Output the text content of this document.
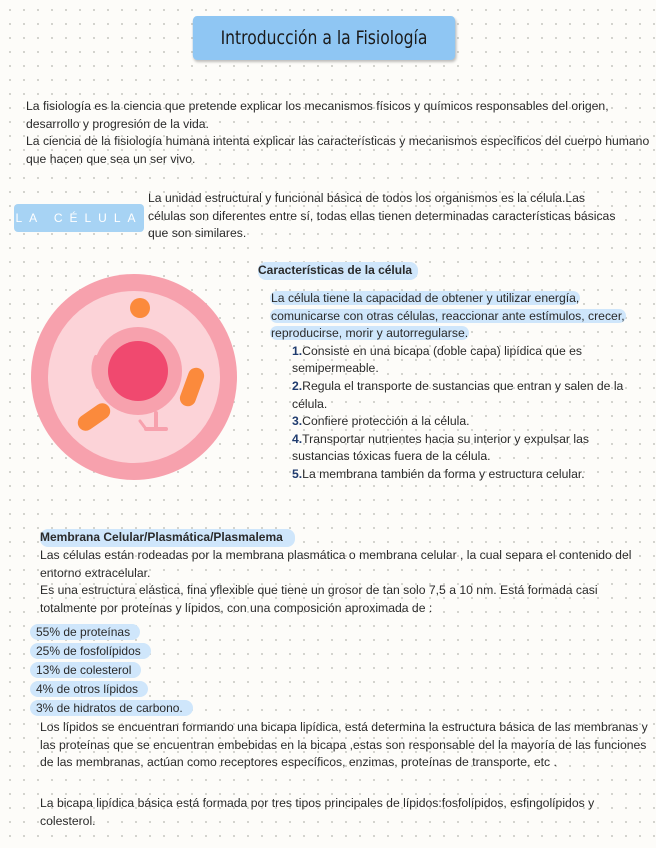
Introducción a la Fisiología
La fisiología es la ciencia que pretende explicar los mecanismos físicos y químicos responsables del origen, desarrollo y progresión de la vida.
La ciencia de la fisiología humana intenta explicar las características y mecanismos específicos del cuerpo humano que hacen que sea un ser vivo.
LA CÉLULA
La unidad estructural y funcional básica de todos los organismos es la célula.Las células son diferentes entre sí, todas ellas tienen determinadas características básicas que son similares.
Características de la célula
La célula tiene la capacidad de obtener y utilizar energía, comunicarse con otras células, reaccionar ante estímulos, crecer, reproducirse, morir y autorregularse.
1.Consiste en una bicapa (doble capa) lipídica que es semipermeable.
2.Regula el transporte de sustancias que entran y salen de la célula.
3.Confiere protección a la célula.
4.Transportar nutrientes hacia su interior y expulsar las sustancias tóxicas fuera de la célula.
5.La membrana también da forma y estructura celular.
Membrana Celular/Plasmática/Plasmalema
Las células están rodeadas por la membrana plasmática o membrana celular , la cual separa el contenido del entorno extracelular.
Es una estructura elástica, fina yflexible que tiene un grosor de tan solo 7,5 a 10 nm. Está formada casi totalmente por proteínas y lípidos, con una composición aproximada de :
55% de proteínas
25% de fosfolípidos
13% de colesterol
4% de otros lípidos
3% de hidratos de carbono.
Los lípidos se encuentran formando una bicapa lipídica, está determina la estructura básica de las membranas y las proteínas que se encuentran embebidas en la bicapa ,estas son responsable del la mayoría de las funciones de las membranas, actúan como receptores específicos, enzimas, proteínas de transporte, etc .
La bicapa lipídica básica está formada por tres tipos principales de lípidos:fosfolípidos, esfingolípidos y colesterol.
